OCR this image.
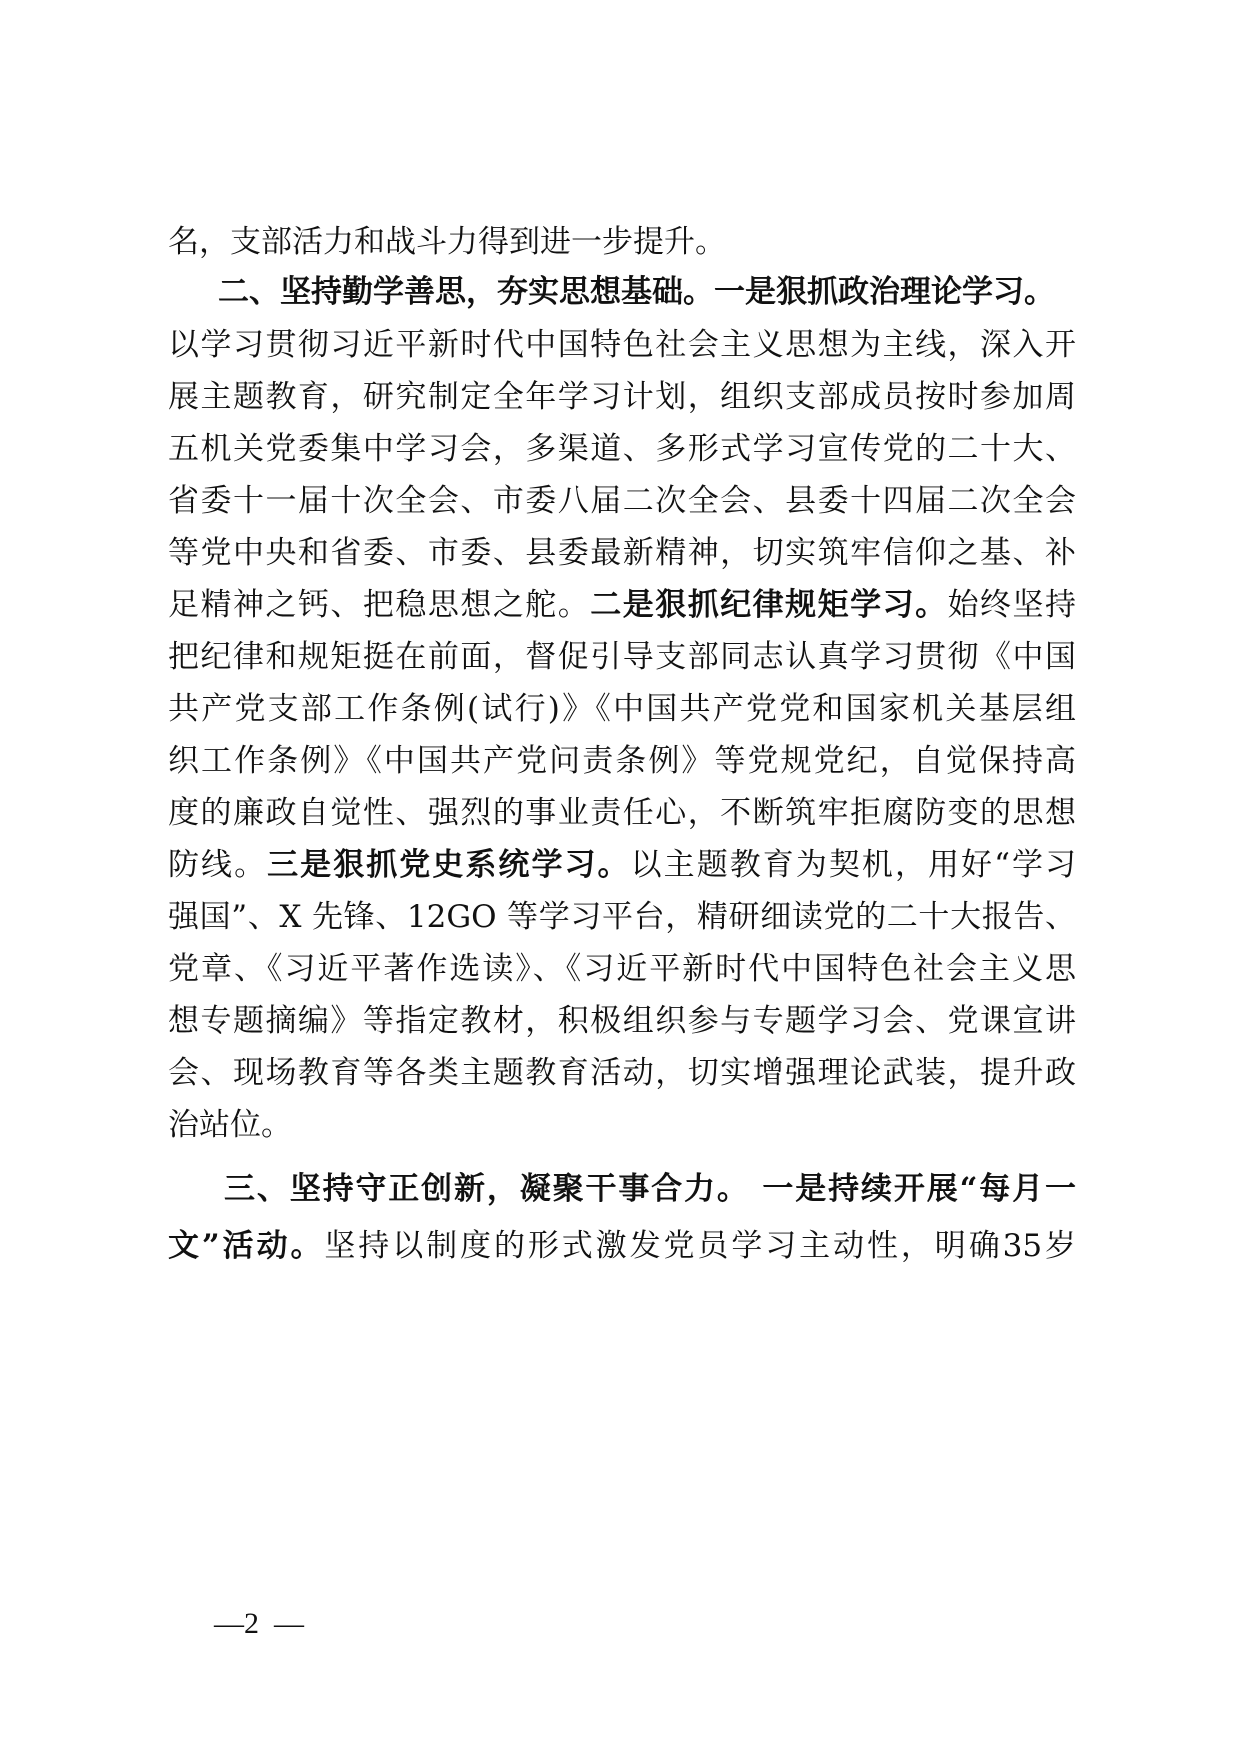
名，支部活力和战斗力得到进一步提升。
二、坚持勤学善思，夯实思想基础。一是狠抓政治理论学习。
以学习贯彻习近平新时代中国特色社会主义思想为主线，深入开
展主题教育，研究制定全年学习计划，组织支部成员按时参加周
五机关党委集中学习会，多渠道、多形式学习宣传党的二十大、
省委十一届十次全会、市委八届二次全会、县委十四届二次全会
等党中央和省委、市委、县委最新精神，切实筑牢信仰之基、补
足精神之钙、把稳思想之舵。二是狠抓纪律规矩学习。始终坚持
把纪律和规矩挺在前面，督促引导支部同志认真学习贯彻《中国
共产党支部工作条例(试行)》《中国共产党党和国家机关基层组
织工作条例》《中国共产党问责条例》等党规党纪，自觉保持高
度的廉政自觉性、强烈的事业责任心，不断筑牢拒腐防变的思想
防线。三是狠抓党史系统学习。以主题教育为契机，用好“学习
强国”、X 先锋、12GO 等学习平台，精研细读党的二十大报告、
党章、《习近平著作选读》、《习近平新时代中国特色社会主义思
想专题摘编》等指定教材，积极组织参与专题学习会、党课宣讲
会、现场教育等各类主题教育活动，切实增强理论武装，提升政
治站位。
三、坚持守正创新，凝聚干事合力。 一是持续开展“每月一
文”活动。坚持以制度的形式激发党员学习主动性，明确35岁
—2  —
